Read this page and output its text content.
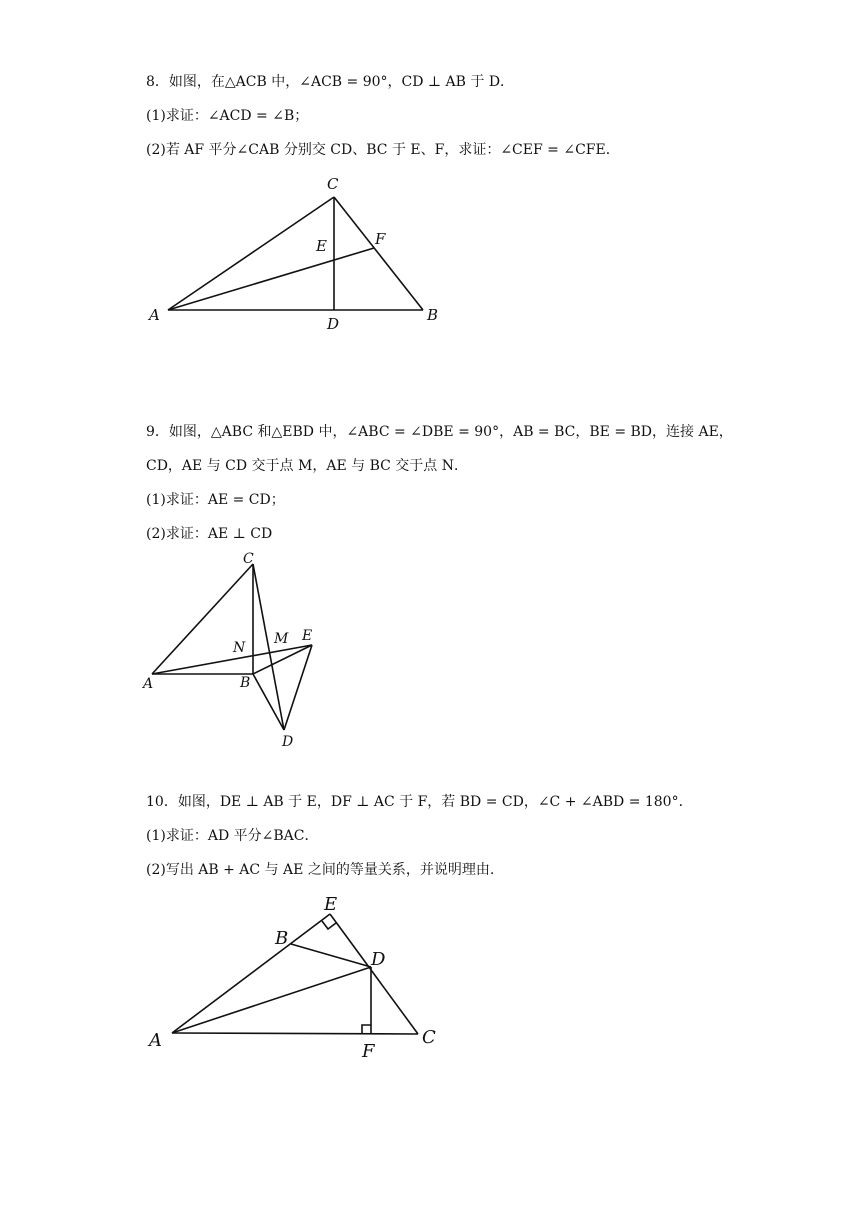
8．如图，在△ACB 中，∠ACB = 90°，CD ⊥ AB 于 D．
(1)求证：∠ACD = ∠B；
(2)若 AF 平分∠CAB 分别交 CD、BC 于 E、F，求证：∠CEF = ∠CFE．
C
E	F
A	D	B
9．如图，△ABC 和△EBD 中，∠ABC = ∠DBE = 90°，AB = BC，BE = BD，连接 AE，
CD，AE 与 CD 交于点 M，AE 与 BC 交于点 N．
(1)求证：AE = CD；
(2)求证：AE ⊥ CD
C
N
M E
A	B
D
10．如图，DE ⊥ AB 于 E，DF ⊥ AC 于 F，若 BD = CD，∠C + ∠ABD = 180°．
(1)求证：AD 平分∠BAC．
(2)写出 AB + AC 与 AE 之间的等量关系，并说明理由.
E
B
D
A
F
C
